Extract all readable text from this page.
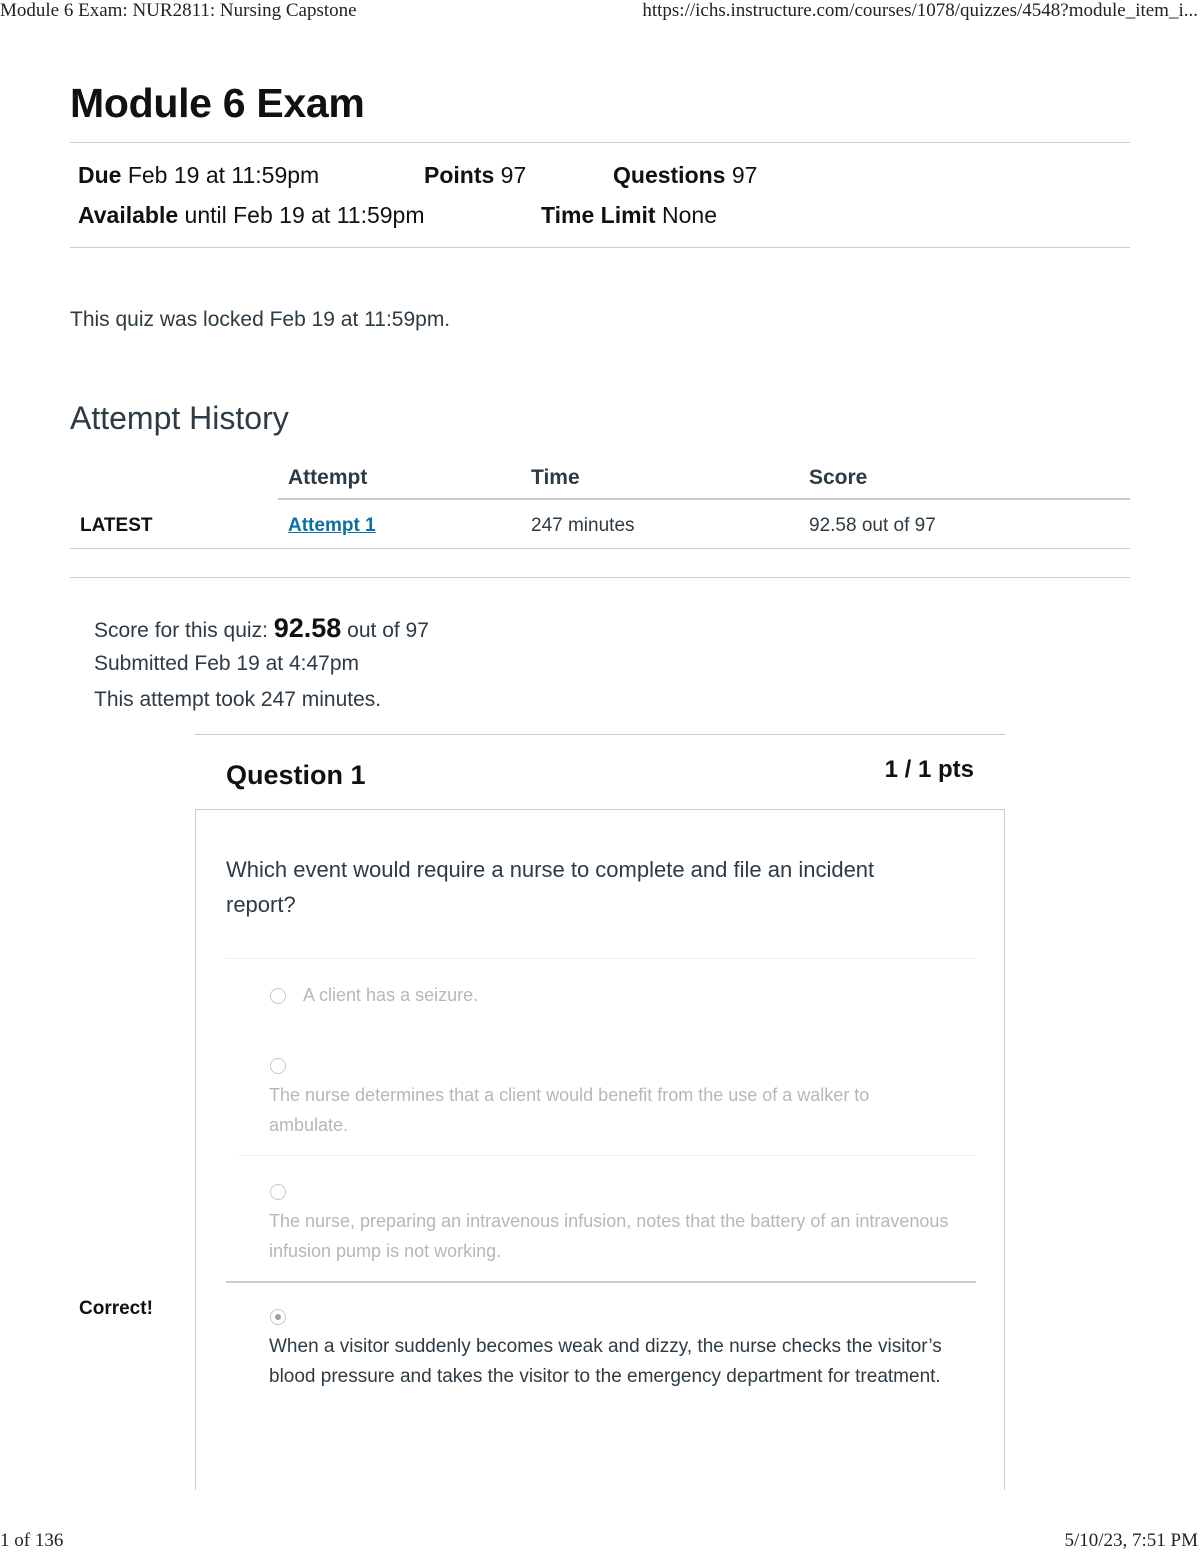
Module 6 Exam: NUR2811: Nursing Capstone	https://ichs.instructure.com/courses/1078/quizzes/4548?module_item_i...
Module 6 Exam
Due Feb 19 at 11:59pm	Points 97	Questions 97
Available until Feb 19 at 11:59pm	Time Limit None
This quiz was locked Feb 19 at 11:59pm.
Attempt History
Attempt	Time	Score
LATEST	Attempt 1	247 minutes	92.58 out of 97
Score for this quiz: 92.58 out of 97
Submitted Feb 19 at 4:47pm
This attempt took 247 minutes.
Question 1	1 / 1 pts
Which event would require a nurse to complete and file an incident report?
A client has a seizure.

The nurse determines that a client would benefit from the use of a walker to ambulate.

The nurse, preparing an intravenous infusion, notes that the battery of an intravenous infusion pump is not working.

When a visitor suddenly becomes weak and dizzy, the nurse checks the visitor’s blood pressure and takes the visitor to the emergency department for treatment.
Correct!
1 of 136	5/10/23, 7:51 PM
